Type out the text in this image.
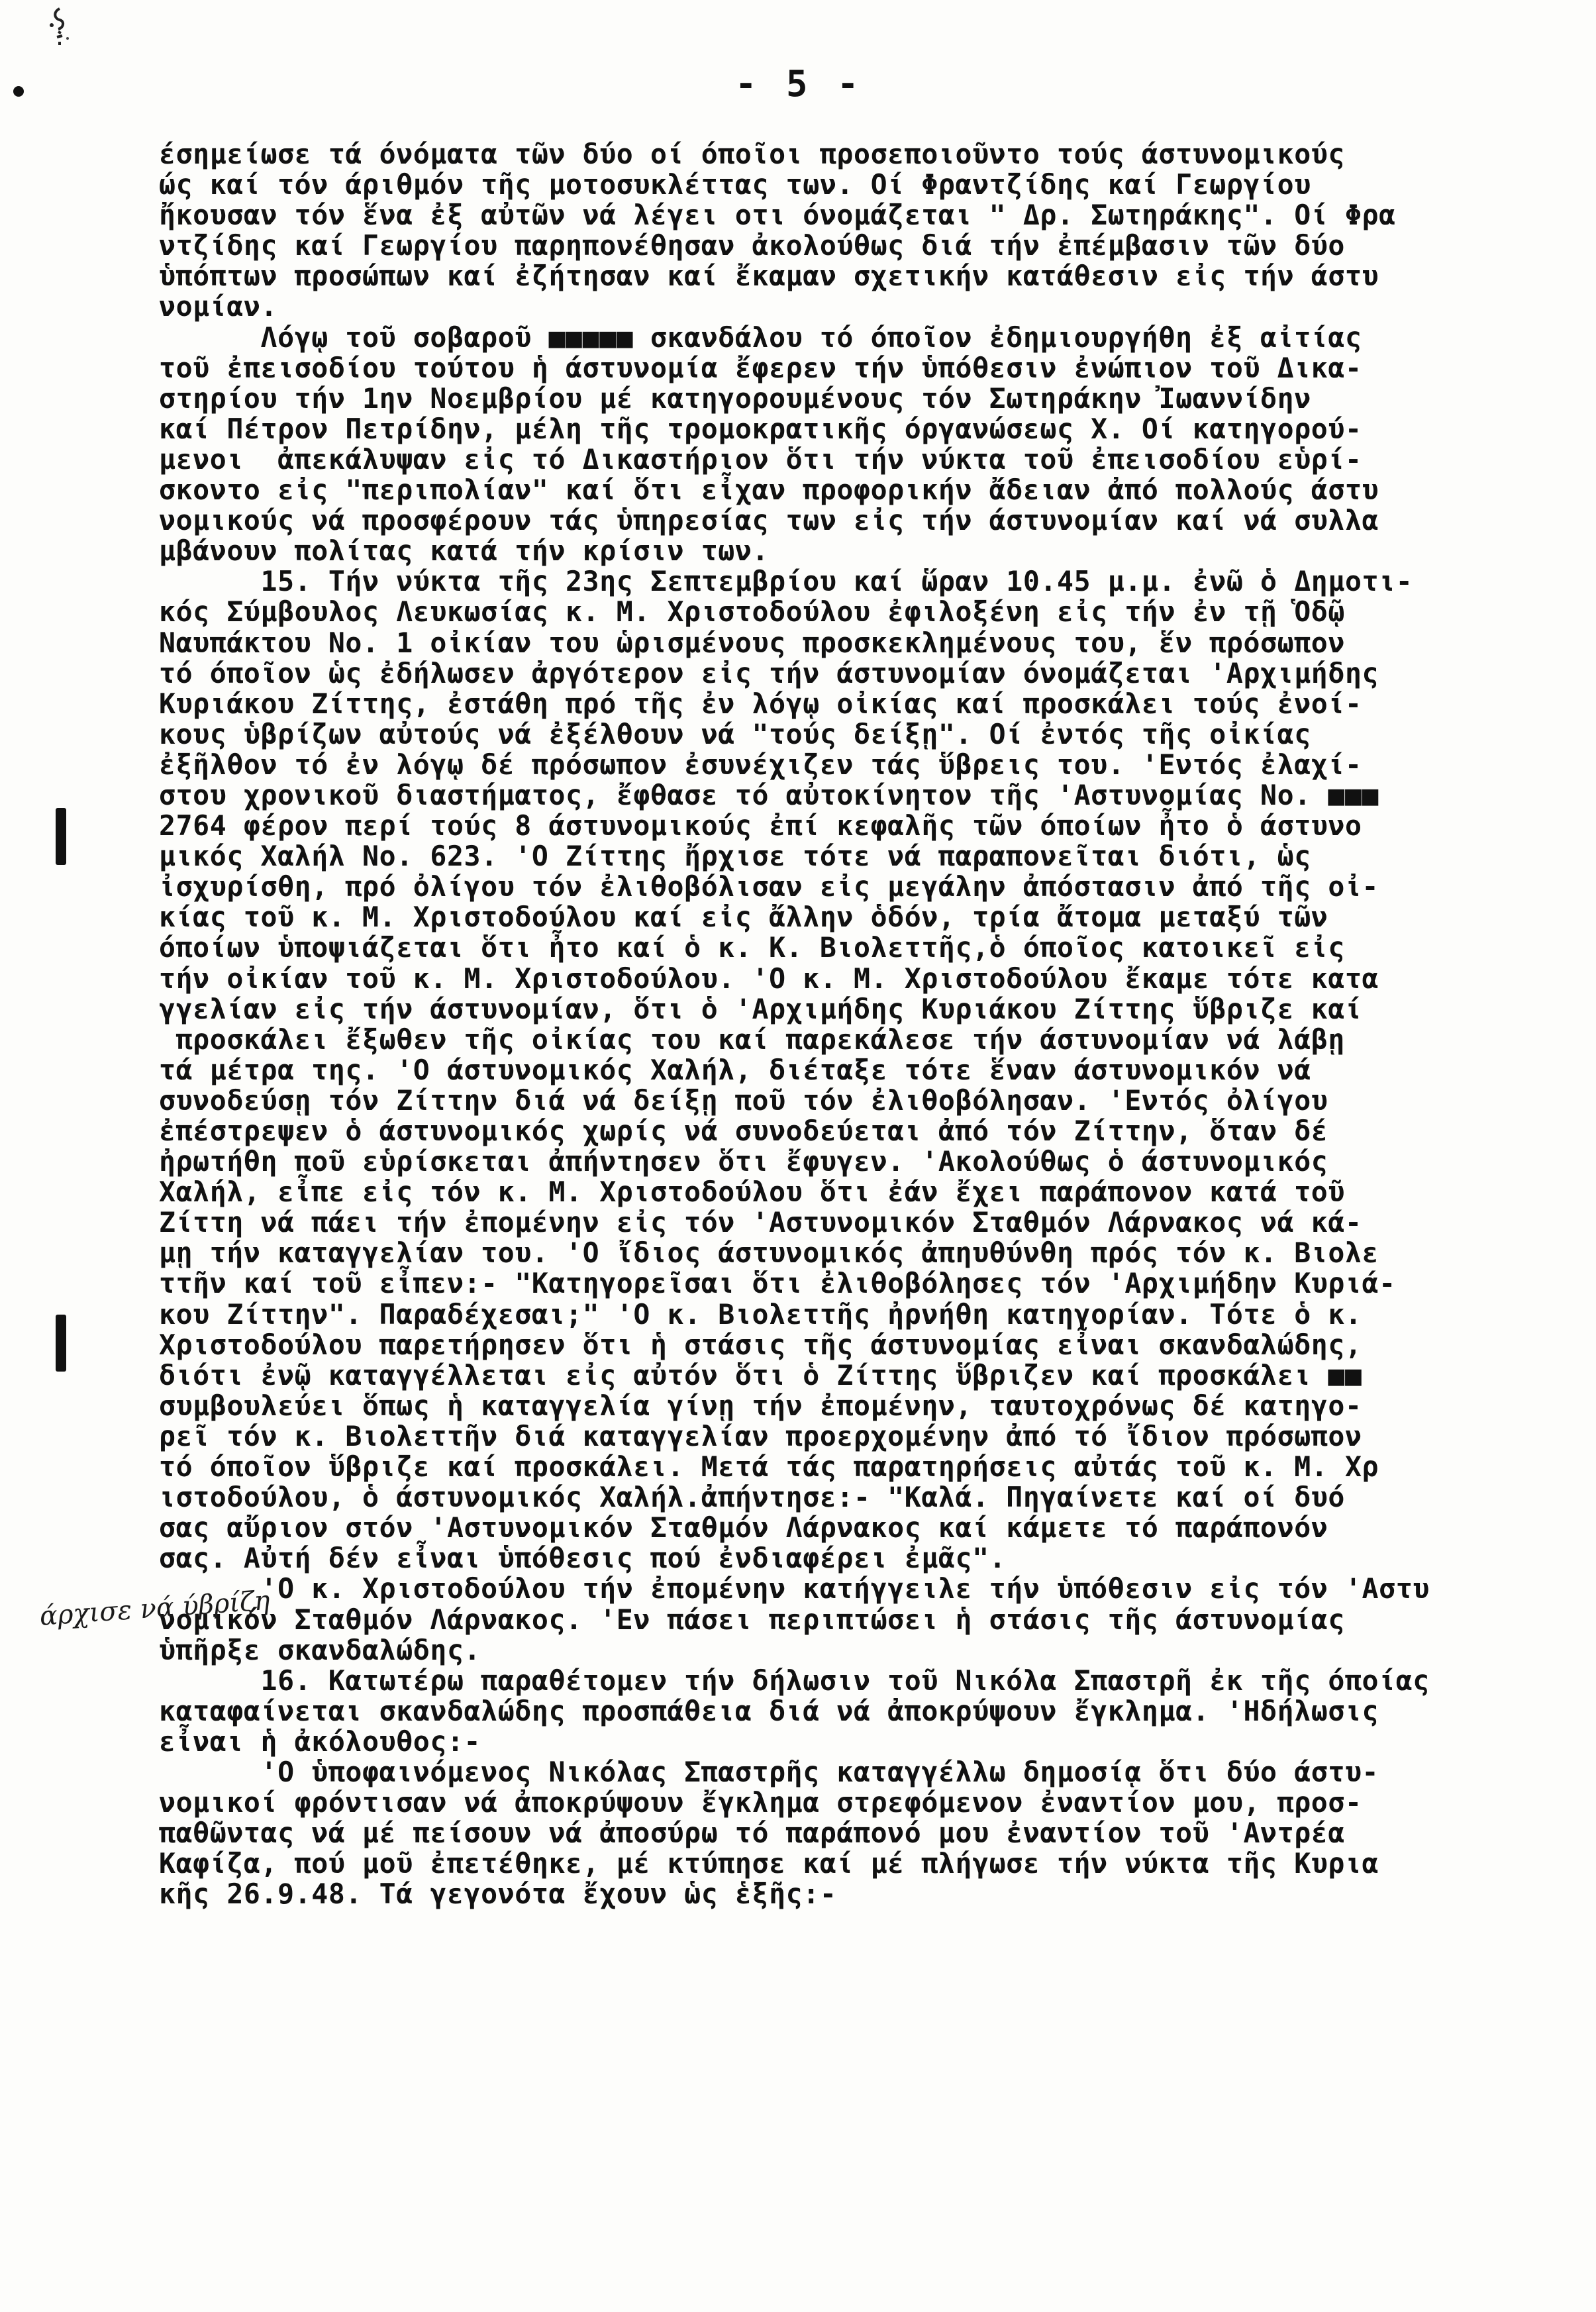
- 5 -
έσημείωσε τά όνόματα τῶν δύο οί όποῖοι προσεποιοῦντο τούς άστυνομικούς
ώς καί τόν άριθμόν τῆς μοτοσυκλέττας των. Οί Φραντζίδης καί Γεωργίου
ἤκουσαν τόν ἕνα ἐξ αὐτῶν νά λέγει οτι όνομάζεται " Δρ. Σωτηράκης". Οί Φρα
ντζίδης καί Γεωργίου παρηπονέθησαν ἀκολούθως διά τήν ἐπέμβασιν τῶν δύο
ὑπόπτων προσώπων καί ἐζήτησαν καί ἔκαμαν σχετικήν κατάθεσιν εἰς τήν άστυ
νομίαν.
Λόγῳ τοῦ σοβαροῦ ■■■■■ σκανδάλου τό όποῖον ἐδημιουργήθη ἐξ αἰτίας
τοῦ ἐπεισοδίου τούτου ἡ άστυνομία ἔφερεν τήν ὑπόθεσιν ἐνώπιον τοῦ Δικα-
στηρίου τήν 1ην Νοεμβρίου μέ κατηγορουμένους τόν Σωτηράκην Ἰωαννίδην
καί Πέτρον Πετρίδην, μέλη τῆς τρομοκρατικῆς όργανώσεως Χ. Οί κατηγορού-
μενοι  ἀπεκάλυψαν εἰς τό Δικαστήριον ὅτι τήν νύκτα τοῦ ἐπεισοδίου εὑρί-
σκοντο εἰς "περιπολίαν" καί ὅτι εἶχαν προφορικήν ἄδειαν ἀπό πολλούς άστυ
νομικούς νά προσφέρουν τάς ὑπηρεσίας των εἰς τήν άστυνομίαν καί νά συλλα
μβάνουν πολίτας κατά τήν κρίσιν των.
15. Τήν νύκτα τῆς 23ης Σεπτεμβρίου καί ὥραν 10.45 μ.μ. ἐνῶ ὁ Δημοτι-
κός Σύμβουλος Λευκωσίας κ. Μ. Χριστοδούλου ἐφιλοξένη εἰς τήν ἐν τῇ Ὁδῷ
Ναυπάκτου Νο. 1 οἰκίαν του ὡρισμένους προσκεκλημένους του, ἕν πρόσωπον
τό όποῖον ὡς ἐδήλωσεν ἀργότερον εἰς τήν άστυνομίαν όνομάζεται 'Αρχιμήδης
Κυριάκου Ζίττης, ἐστάθη πρό τῆς ἐν λόγῳ οἰκίας καί προσκάλει τούς ἐνοί-
κους ὑβρίζων αὐτούς νά ἐξέλθουν νά "τούς δείξῃ". Οί ἐντός τῆς οἰκίας
ἐξῆλθον τό ἐν λόγῳ δέ πρόσωπον ἐσυνέχιζεν τάς ὕβρεις του. 'Εντός ἐλαχί-
στου χρονικοῦ διαστήματος, ἔφθασε τό αὐτοκίνητον τῆς 'Αστυνομίας Νο. ■■■
2764 φέρον περί τούς 8 άστυνομικούς ἐπί κεφαλῆς τῶν όποίων ἦτο ὁ άστυνο
μικός Χαλήλ Νο. 623. 'Ο Ζίττης ἤρχισε τότε νά παραπονεῖται διότι, ὡς
ἰσχυρίσθη, πρό ὀλίγου τόν ἐλιθοβόλισαν εἰς μεγάλην ἀπόστασιν ἀπό τῆς οἰ-
κίας τοῦ κ. Μ. Χριστοδούλου καί εἰς ἄλλην ὁδόν, τρία ἄτομα μεταξύ τῶν
όποίων ὑποψιάζεται ὅτι ἦτο καί ὁ κ. Κ. Βιολεττῆς,ὁ όποῖος κατοικεῖ εἰς
τήν οἰκίαν τοῦ κ. Μ. Χριστοδούλου. 'Ο κ. Μ. Χριστοδούλου ἔκαμε τότε κατα
γγελίαν εἰς τήν άστυνομίαν, ὅτι ὁ 'Αρχιμήδης Κυριάκου Ζίττης ὕβριζε καί
προσκάλει ἔξωθεν τῆς οἰκίας του καί παρεκάλεσε τήν άστυνομίαν νά λάβῃ
τά μέτρα της. 'Ο άστυνομικός Χαλήλ, διέταξε τότε ἕναν άστυνομικόν νά
συνοδεύσῃ τόν Ζίττην διά νά δείξῃ ποῦ τόν ἐλιθοβόλησαν. 'Εντός ὀλίγου
ἐπέστρεψεν ὁ άστυνομικός χωρίς νά συνοδεύεται ἀπό τόν Ζίττην, ὅταν δέ
ἠρωτήθη ποῦ εὑρίσκεται ἀπήντησεν ὅτι ἔφυγεν. 'Ακολούθως ὁ άστυνομικός
Χαλήλ, εἶπε εἰς τόν κ. Μ. Χριστοδούλου ὅτι ἐάν ἔχει παράπονον κατά τοῦ
Ζίττη νά πάει τήν ἐπομένην εἰς τόν 'Αστυνομικόν Σταθμόν Λάρνακος νά κά-
μῃ τήν καταγγελίαν του. 'Ο ἴδιος άστυνομικός ἀπηυθύνθη πρός τόν κ. Βιολε
ττῆν καί τοῦ εἶπεν:- "Κατηγορεῖσαι ὅτι ἐλιθοβόλησες τόν 'Αρχιμήδην Κυριά-
κου Ζίττην". Παραδέχεσαι;" 'Ο κ. Βιολεττῆς ἠρνήθη κατηγορίαν. Τότε ὁ κ.
Χριστοδούλου παρετήρησεν ὅτι ἡ στάσις τῆς άστυνομίας εἶναι σκανδαλώδης,
διότι ἐνῷ καταγγέλλεται εἰς αὐτόν ὅτι ὁ Ζίττης ὕβριζεν καί προσκάλει ■■
συμβουλεύει ὅπως ἡ καταγγελία γίνῃ τήν ἐπομένην, ταυτοχρόνως δέ κατηγο-
ρεῖ τόν κ. Βιολεττῆν διά καταγγελίαν προερχομένην ἀπό τό ἴδιον πρόσωπον
τό όποῖον ὕβριζε καί προσκάλει. Μετά τάς παρατηρήσεις αὐτάς τοῦ κ. Μ. Χρ
ιστοδούλου, ὁ άστυνομικός Χαλήλ.ἀπήντησε:- "Καλά. Πηγαίνετε καί οί δυό
σας αὔριον στόν 'Αστυνομικόν Σταθμόν Λάρνακος καί κάμετε τό παράπονόν
σας. Αὐτή δέν εἶναι ὑπόθεσις πού ἐνδιαφέρει ἐμᾶς".
'Ο κ. Χριστοδούλου τήν ἐπομένην κατήγγειλε τήν ὑπόθεσιν εἰς τόν 'Αστυ
νομικόν Σταθμόν Λάρνακος. 'Εν πάσει περιπτώσει ἡ στάσις τῆς άστυνομίας
ὑπῆρξε σκανδαλώδης.
16. Κατωτέρω παραθέτομεν τήν δήλωσιν τοῦ Νικόλα Σπαστρῆ ἐκ τῆς όποίας
καταφαίνεται σκανδαλώδης προσπάθεια διά νά ἀποκρύψουν ἔγκλημα. 'Ηδήλωσις
εἶναι ἡ ἀκόλουθος:-
'Ο ὑποφαινόμενος Νικόλας Σπαστρῆς καταγγέλλω δημοσίᾳ ὅτι δύο άστυ-
νομικοί φρόντισαν νά ἀποκρύψουν ἔγκλημα στρεφόμενον ἐναντίον μου, προσ-
παθῶντας νά μέ πείσουν νά ἀποσύρω τό παράπονό μου ἐναντίον τοῦ 'Αντρέα
Καφίζα, πού μοῦ ἐπετέθηκε, μέ κτύπησε καί μέ πλήγωσε τήν νύκτα τῆς Κυρια
κῆς 26.9.48. Τά γεγονότα ἔχουν ὡς ἑξῆς:-
άρχισε νά ύβρίζη
